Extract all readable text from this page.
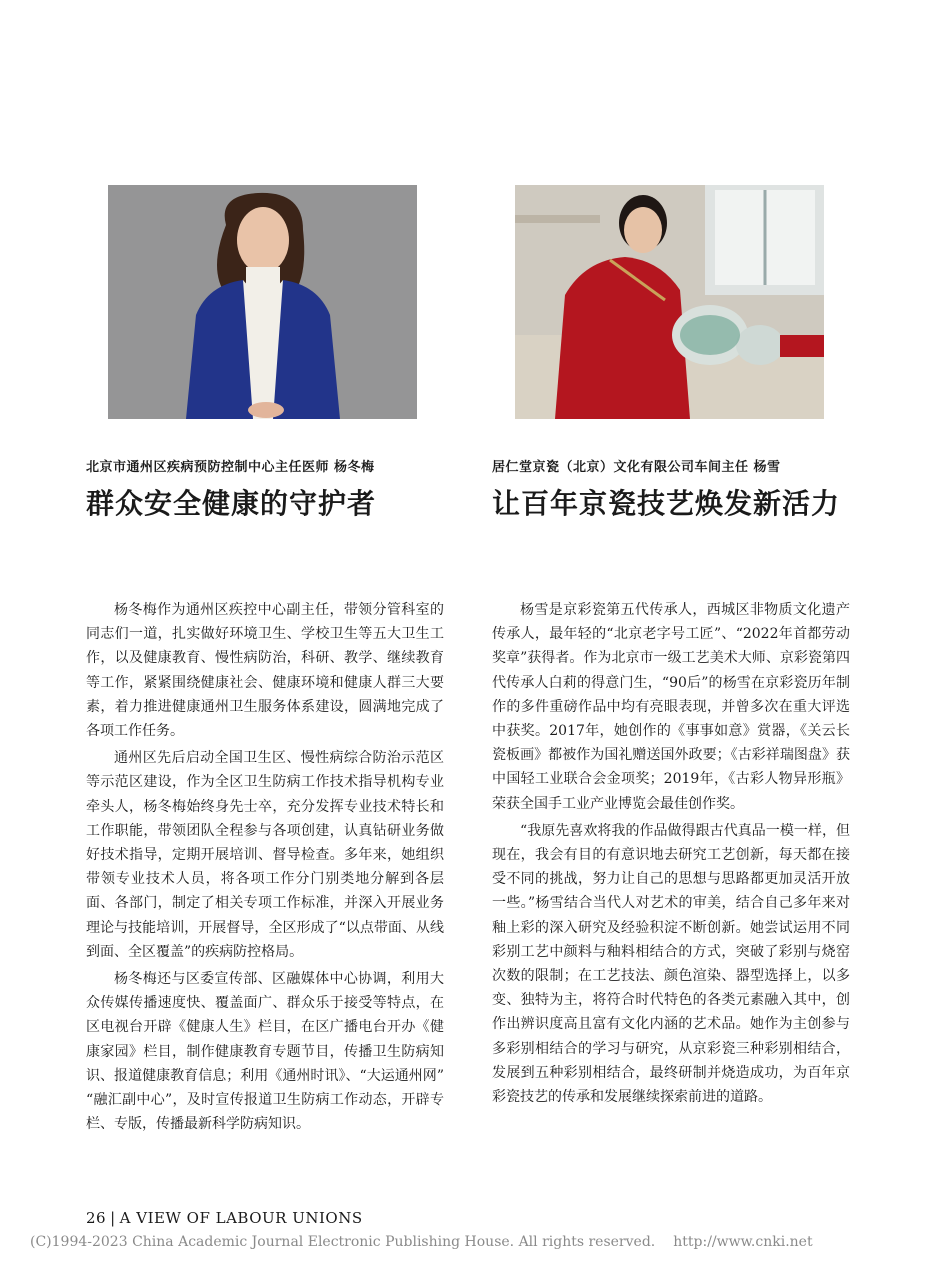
北京市通州区疾病预防控制中心主任医师 杨冬梅
群众安全健康的守护者

杨冬梅作为通州区疾控中心副主任，带领分管科室的同志们一道，扎实做好环境卫生、学校卫生等五大卫生工作，以及健康教育、慢性病防治，科研、教学、继续教育等工作，紧紧围绕健康社会、健康环境和健康人群三大要素，着力推进健康通州卫生服务体系建设，圆满地完成了各项工作任务。

通州区先后启动全国卫生区、慢性病综合防治示范区等示范区建设，作为全区卫生防病工作技术指导机构专业牵头人，杨冬梅始终身先士卒，充分发挥专业技术特长和工作职能，带领团队全程参与各项创建，认真钻研业务做好技术指导，定期开展培训、督导检查。多年来，她组织带领专业技术人员，将各项工作分门别类地分解到各层面、各部门，制定了相关专项工作标准，并深入开展业务理论与技能培训，开展督导，全区形成了“以点带面、从线到面、全区覆盖”的疾病防控格局。

杨冬梅还与区委宣传部、区融媒体中心协调，利用大众传媒传播速度快、覆盖面广、群众乐于接受等特点，在区电视台开辟《健康人生》栏目，在区广播电台开办《健康家园》栏目，制作健康教育专题节目，传播卫生防病知识、报道健康教育信息；利用《通州时讯》、“大运通州网” “融汇副中心”，及时宣传报道卫生防病工作动态，开辟专栏、专版，传播最新科学防病知识。

居仁堂京瓷（北京）文化有限公司车间主任 杨雪
让百年京瓷技艺焕发新活力

杨雪是京彩瓷第五代传承人，西城区非物质文化遗产传承人，最年轻的“北京老字号工匠”、“2022年首都劳动奖章”获得者。作为北京市一级工艺美术大师、京彩瓷第四代传承人白莉的得意门生，“90后”的杨雪在京彩瓷历年制作的多件重磅作品中均有亮眼表现，并曾多次在重大评选中获奖。2017年，她创作的《事事如意》赏器，《关云长瓷板画》都被作为国礼赠送国外政要；《古彩祥瑞图盘》获中国轻工业联合会金项奖；2019年，《古彩人物异形瓶》荣获全国手工业产业博览会最佳创作奖。

“我原先喜欢将我的作品做得跟古代真品一模一样，但现在，我会有目的有意识地去研究工艺创新，每天都在接受不同的挑战，努力让自己的思想与思路都更加灵活开放一些。”杨雪结合当代人对艺术的审美，结合自己多年来对釉上彩的深入研究及经验积淀不断创新。她尝试运用不同彩别工艺中颜料与釉料相结合的方式，突破了彩别与烧窑次数的限制；在工艺技法、颜色渲染、器型选择上，以多变、独特为主，将符合时代特色的各类元素融入其中，创作出辨识度高且富有文化内涵的艺术品。她作为主创参与多彩别相结合的学习与研究，从京彩瓷三种彩别相结合，发展到五种彩别相结合，最终研制并烧造成功，为百年京彩瓷技艺的传承和发展继续探索前进的道路。

26 | A VIEW OF LABOUR UNIONS
(C)1994-2023 China Academic Journal Electronic Publishing House. All rights reserved. http://www.cnki.net
